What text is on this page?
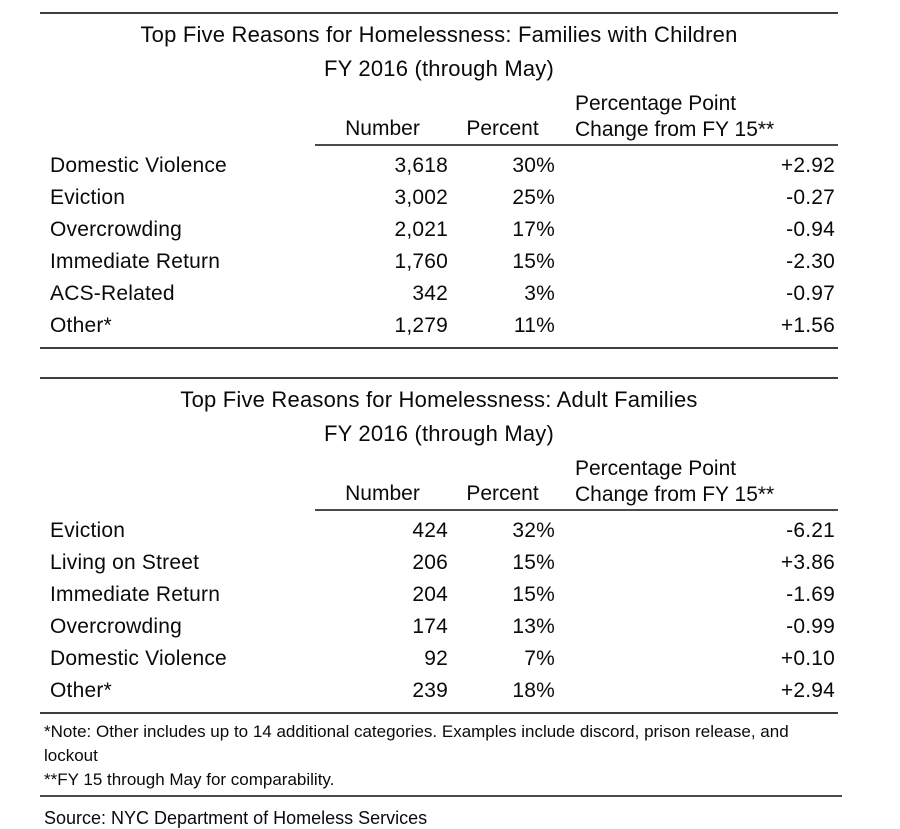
Top Five Reasons for Homelessness: Families with Children
FY 2016 (through May)
Number	Percent
Percentage Point
Change from FY 15**
Domestic Violence	3,618	30%	+2.92
Eviction	3,002	25%	-0.27
Overcrowding	2,021	17%	-0.94
Immediate Return	1,760	15%	-2.30
ACS-Related	342	3%	-0.97
Other*	1,279	11%	+1.56
Top Five Reasons for Homelessness: Adult Families
FY 2016 (through May)
Number	Percent
Percentage Point
Change from FY 15**
Eviction	424	32%	-6.21
Living on Street	206	15%	+3.86
Immediate Return	204	15%	-1.69
Overcrowding	174	13%	-0.99
Domestic Violence	92	7%	+0.10
Other*	239	18%	+2.94
*Note: Other includes up to 14 additional categories. Examples include discord, prison release, and lockout
**FY 15 through May for comparability.
Source: NYC Department of Homeless Services
